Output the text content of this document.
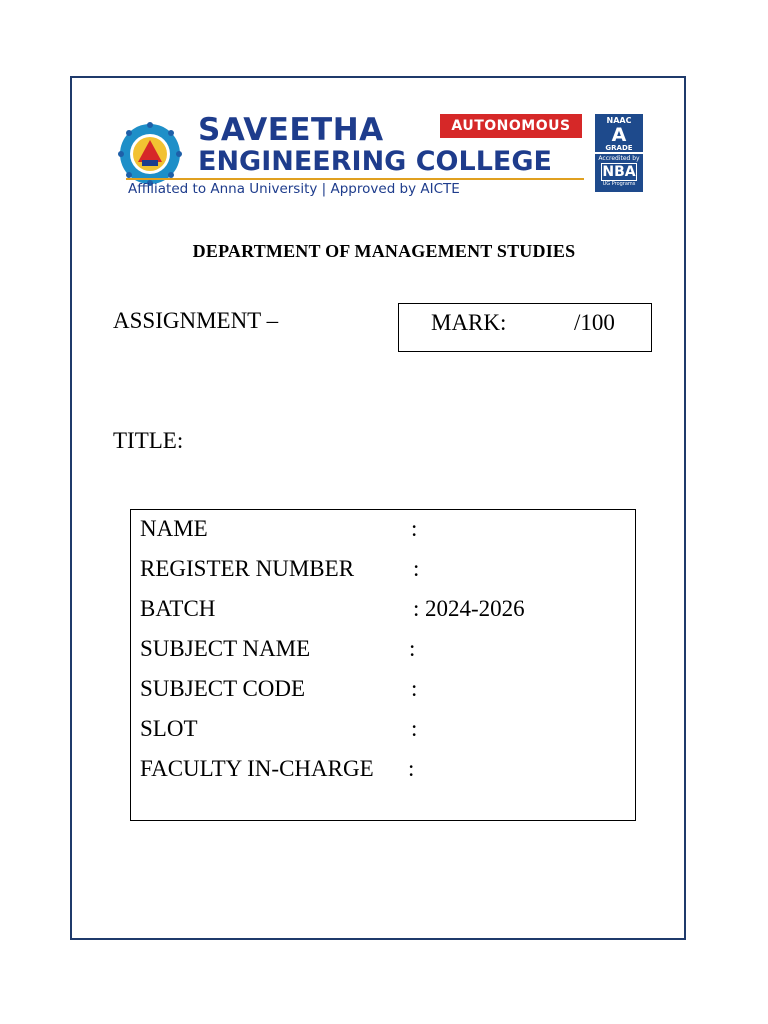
SAVEETHA
ENGINEERING COLLEGE
Affiliated to Anna University | Approved by AICTE
AUTONOMOUS	NAAC
A
GRADE
Accredited by
NBA
UG Programs
DEPARTMENT OF MANAGEMENT STUDIES
ASSIGNMENT –	MARK:	/100
TITLE:
NAME	:
REGISTER NUMBER	:
BATCH	: 2024-2026
SUBJECT NAME	:
SUBJECT CODE	:
SLOT	:
FACULTY IN-CHARGE :
